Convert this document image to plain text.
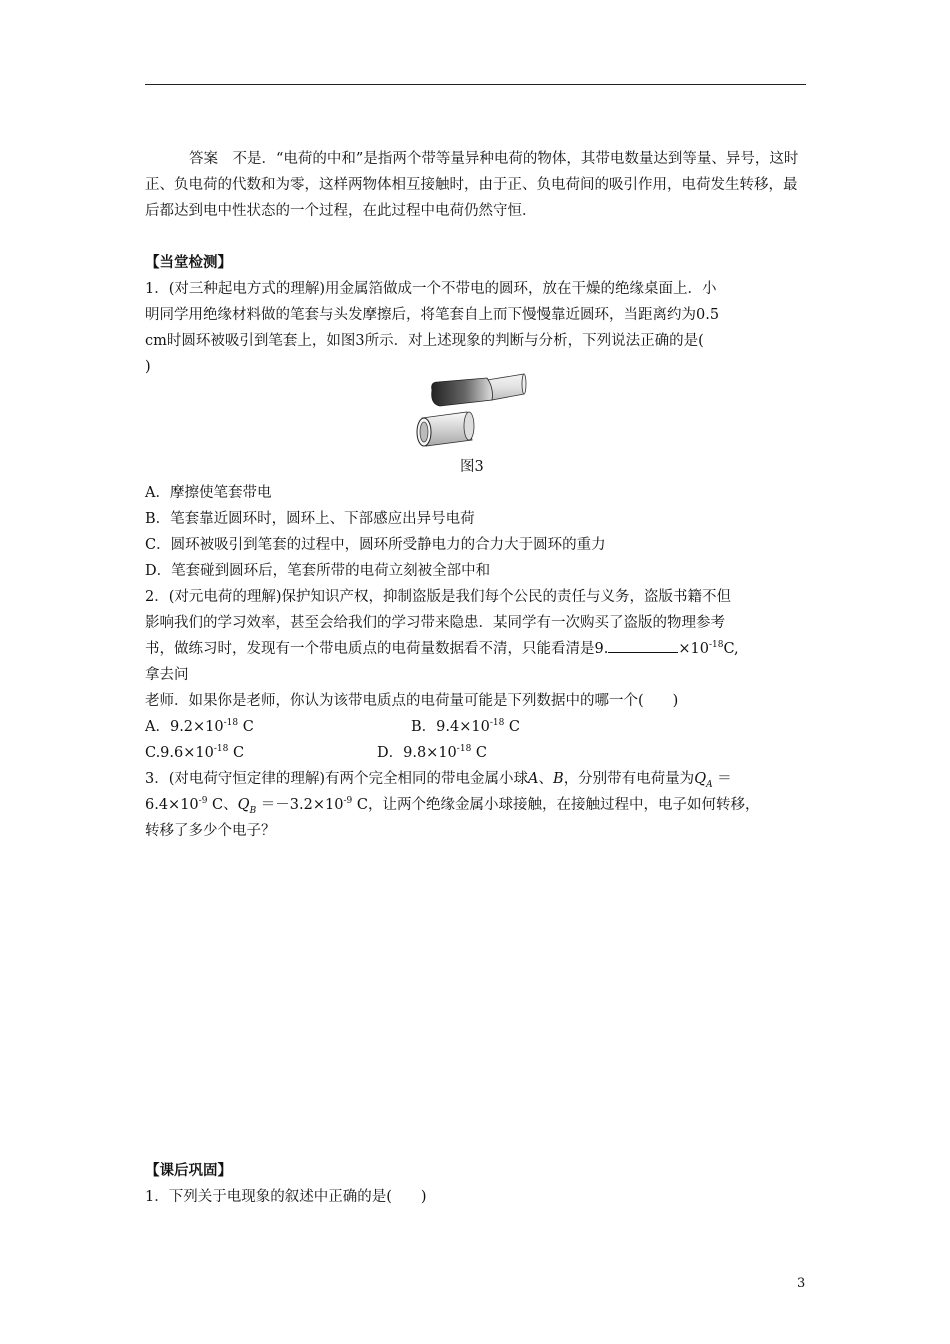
答案　不是．“电荷的中和”是指两个带等量异种电荷的物体，其带电数量达到等量、异号，这时正、负电荷的代数和为零，这样两物体相互接触时，由于正、负电荷间的吸引作用，电荷发生转移，最后都达到电中性状态的一个过程，在此过程中电荷仍然守恒．

【当堂检测】
1．(对三种起电方式的理解)用金属箔做成一个不带电的圆环，放在干燥的绝缘桌面上．小
明同学用绝缘材料做的笔套与头发摩擦后，将笔套自上而下慢慢靠近圆环，当距离约为0.5
cm时圆环被吸引到笔套上，如图3所示．对上述现象的判断与分析，下列说法正确的是(
)
图3
A．摩擦使笔套带电
B．笔套靠近圆环时，圆环上、下部感应出异号电荷
C．圆环被吸引到笔套的过程中，圆环所受静电力的合力大于圆环的重力
D．笔套碰到圆环后，笔套所带的电荷立刻被全部中和
2．(对元电荷的理解)保护知识产权，抑制盗版是我们每个公民的责任与义务，盗版书籍不但
影响我们的学习效率，甚至会给我们的学习带来隐患．某同学有一次购买了盗版的物理参考
书，做练习时，发现有一个带电质点的电荷量数据看不清，只能看清是9.	$\times 10^{-18}C$,
拿去问
老师．如果你是老师，你认为该带电质点的电荷量可能是下列数据中的哪一个(　　)
A．$9.2\times 10^{-18}$ C	B．$9.4\times 10^{-18}$ C
$C.9.6\times 10^{-18}$ C	D．$9.8\times 10^{-18}$ C
3．(对电荷守恒定律的理解)有两个完全相同的带电金属小球A、B，分别带有电荷量为$Q_A$ ＝
$6.4\times 10^{-9}$ C、$Q_B =-3.2\times 10^{-9}$ C，让两个绝缘金属小球接触，在接触过程中，电子如何转移，
转移了多少个电子？
【课后巩固】
1．下列关于电现象的叙述中正确的是(　　)
3
